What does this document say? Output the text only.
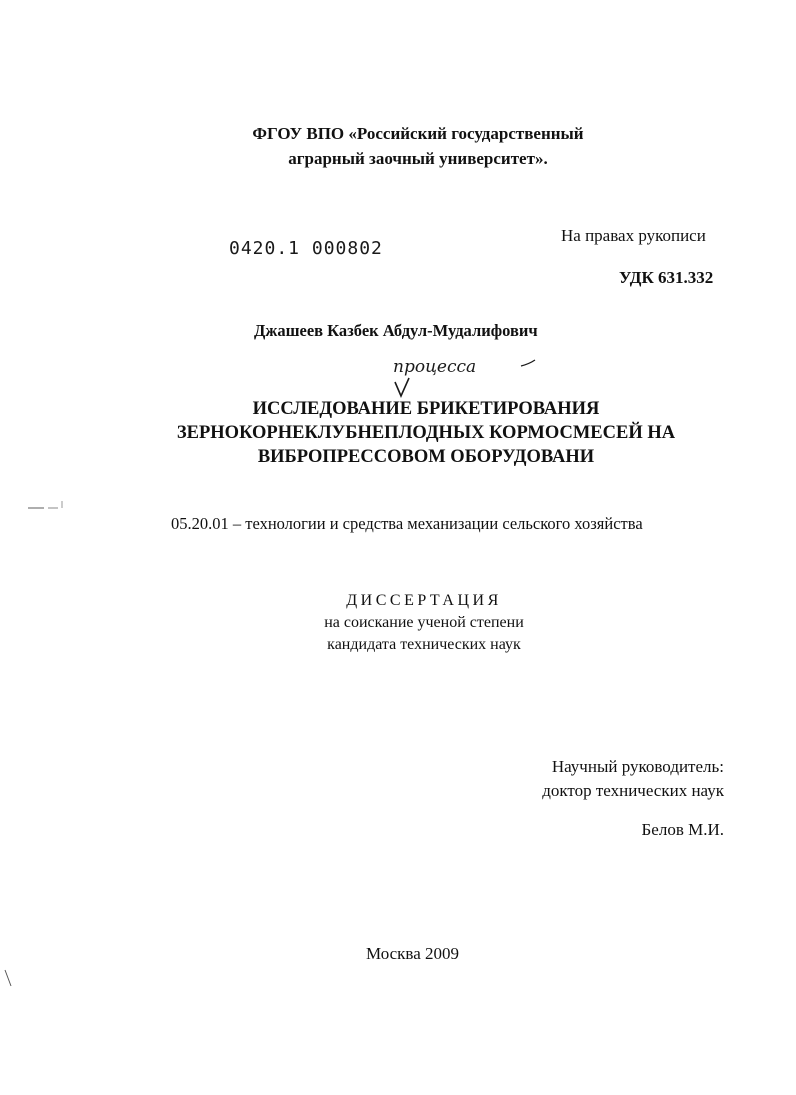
ФГОУ ВПО «Российский государственный
аграрный заочный университет».
0420.1 000802
На правах рукописи
УДК 631.332
Джашеев Казбек Абдул-Мудалифович
процесса
ИССЛЕДОВАНИЕ БРИКЕТИРОВАНИЯ
ЗЕРНОКОРНЕКЛУБНЕПЛОДНЫХ КОРМОСМЕСЕЙ НА
ВИБРОПРЕССОВОМ ОБОРУДОВАНИ
05.20.01 – технологии и средства механизации сельского хозяйства
ДИССЕРТАЦИЯ
на соискание ученой степени
кандидата технических наук
Научный руководитель:
доктор технических наук
Белов М.И.
Москва 2009
